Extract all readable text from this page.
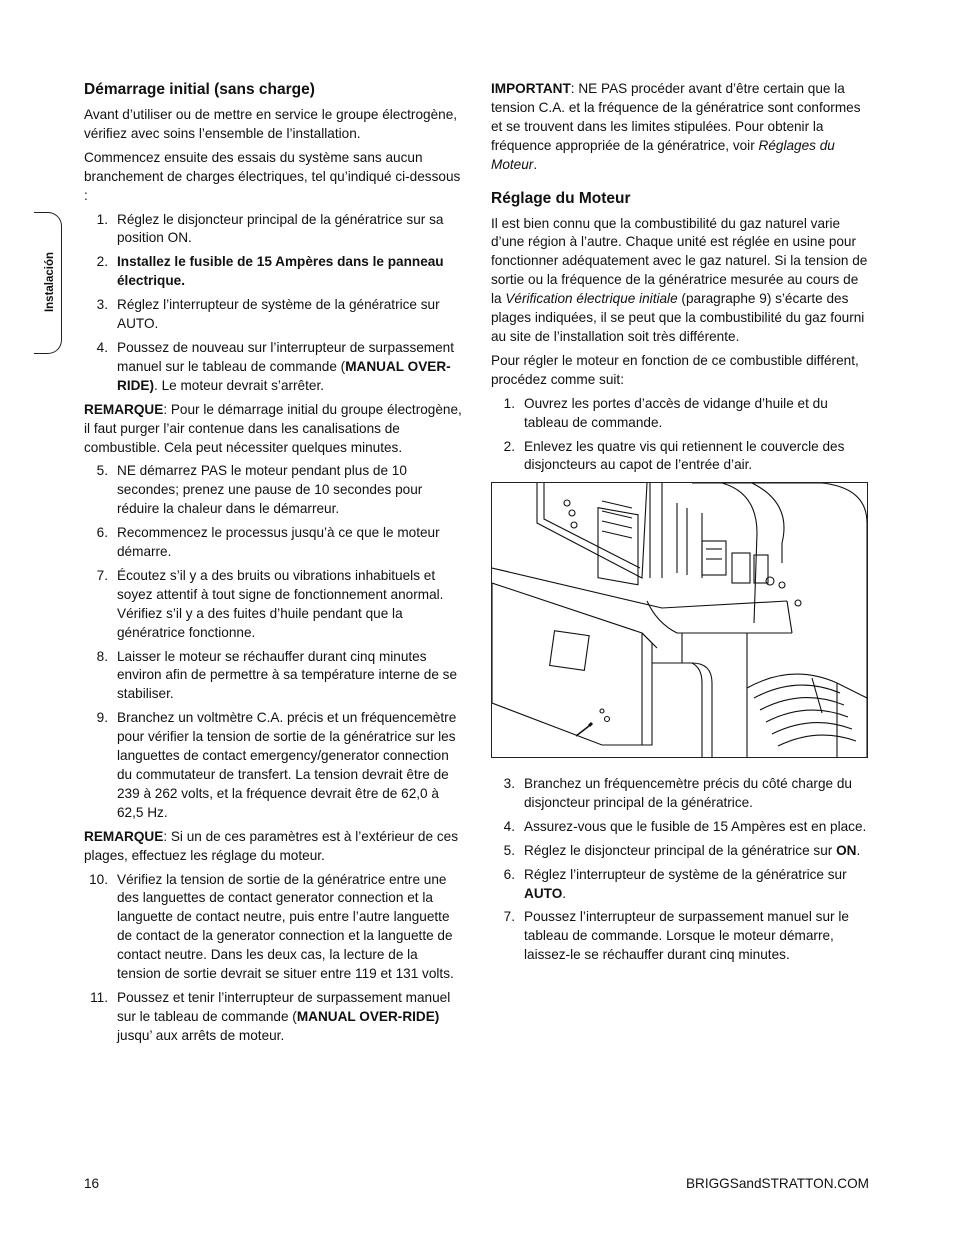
Instalación
Démarrage initial (sans charge)

Avant d’utiliser ou de mettre en service le groupe électrogène, vérifiez avec soins l’ensemble de l’installation.

Commencez ensuite des essais du système sans aucun branchement de charges électriques, tel qu’indiqué ci-dessous :

1. Réglez le disjoncteur principal de la génératrice sur sa position ON.
2. Installez le fusible de 15 Ampères dans le panneau électrique.
3. Réglez l’interrupteur de système de la génératrice sur AUTO.
4. Poussez de nouveau sur l’interrupteur de surpassement manuel sur le tableau de commande (MANUAL OVER-RIDE). Le moteur devrait s’arrêter.

REMARQUE: Pour le démarrage initial du groupe électrogène, il faut purger l’air contenue dans les canalisations de combustible. Cela peut nécessiter quelques minutes.

5. NE démarrez PAS le moteur pendant plus de 10 secondes; prenez une pause de 10 secondes pour réduire la chaleur dans le démarreur.
6. Recommencez le processus jusqu’à ce que le moteur démarre.
7. Écoutez s’il y a des bruits ou vibrations inhabituels et soyez attentif à tout signe de fonctionnement anormal. Vérifiez s’il y a des fuites d’huile pendant que la génératrice fonctionne.
8. Laisser le moteur se réchauffer durant cinq minutes environ afin de permettre à sa température interne de se stabiliser.
9. Branchez un voltmètre C.A. précis et un fréquencemètre pour vérifier la tension de sortie de la génératrice sur les languettes de contact emergency/generator connection du commutateur de transfert. La tension devrait être de 239 à 262 volts, et la fréquence devrait être de 62,0 à 62,5 Hz.

REMARQUE: Si un de ces paramètres est à l’extérieur de ces plages, effectuez les réglage du moteur.

10. Vérifiez la tension de sortie de la génératrice entre une des languettes de contact generator connection et la languette de contact neutre, puis entre l’autre languette de contact de la generator connection et la languette de contact neutre. Dans les deux cas, la lecture de la tension de sortie devrait se situer entre 119 et 131 volts.
11. Poussez et tenir l’interrupteur de surpassement manuel sur le tableau de commande (MANUAL OVER-RIDE) jusqu’ aux arrêts de moteur.

IMPORTANT: NE PAS procéder avant d’être certain que la tension C.A. et la fréquence de la génératrice sont conformes et se trouvent dans les limites stipulées. Pour obtenir la fréquence appropriée de la génératrice, voir Réglages du Moteur.

Réglage du Moteur

Il est bien connu que la combustibilité du gaz naturel varie d’une région à l’autre. Chaque unité est réglée en usine pour fonctionner adéquatement avec le gaz naturel. Si la tension de sortie ou la fréquence de la génératrice mesurée au cours de la Vérification électrique initiale (paragraphe 9) s’écarte des plages indiquées, il se peut que la combustibilité du gaz fourni au site de l’installation soit très différente.

Pour régler le moteur en fonction de ce combustible différent, procédez comme suit:

1. Ouvrez les portes d’accès de vidange d’huile et du tableau de commande.
2. Enlevez les quatre vis qui retiennent le couvercle des disjoncteurs au capot de l’entrée d’air.
3. Branchez un fréquencemètre précis du côté charge du disjoncteur principal de la génératrice.
4. Assurez-vous que le fusible de 15 Ampères est en place.
5. Réglez le disjoncteur principal de la génératrice sur ON.
6. Réglez l’interrupteur de système de la génératrice sur AUTO.
7. Poussez l’interrupteur de surpassement manuel sur le tableau de commande. Lorsque le moteur démarre, laissez-le se réchauffer durant cinq minutes.
16	BRIGGSandSTRATTON.COM
